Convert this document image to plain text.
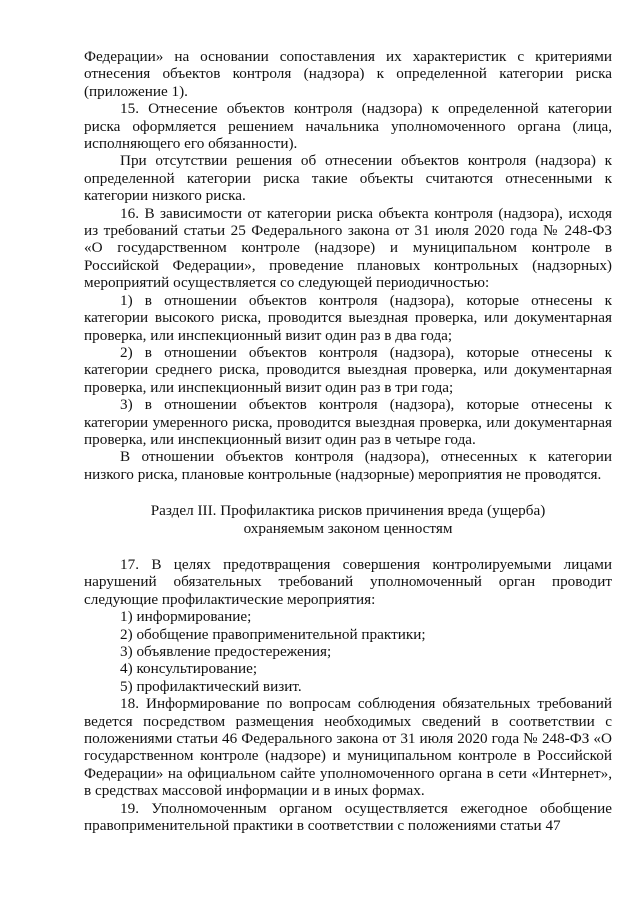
Федерации» на основании сопоставления их характеристик с критериями отнесения объектов контроля (надзора) к определенной категории риска (приложение 1).

15. Отнесение объектов контроля (надзора) к определенной категории риска оформляется решением начальника уполномоченного органа (лица, исполняющего его обязанности).

При отсутствии решения об отнесении объектов контроля (надзора) к определенной категории риска такие объекты считаются отнесенными к категории низкого риска.

16. В зависимости от категории риска объекта контроля (надзора), исходя из требований статьи 25 Федерального закона от 31 июля 2020 года № 248-ФЗ «О государственном контроле (надзоре) и муниципальном контроле в Российской Федерации», проведение плановых контрольных (надзорных) мероприятий осуществляется со следующей периодичностью:

1) в отношении объектов контроля (надзора), которые отнесены к категории высокого риска, проводится выездная проверка, или документарная проверка, или инспекционный визит один раз в два года;

2) в отношении объектов контроля (надзора), которые отнесены к категории среднего риска, проводится выездная проверка, или документарная проверка, или инспекционный визит один раз в три года;

3) в отношении объектов контроля (надзора), которые отнесены к категории умеренного риска, проводится выездная проверка, или документарная проверка, или инспекционный визит один раз в четыре года.

В отношении объектов контроля (надзора), отнесенных к категории низкого риска, плановые контрольные (надзорные) мероприятия не проводятся.

Раздел III. Профилактика рисков причинения вреда (ущерба)

охраняемым законом ценностям

17. В целях предотвращения совершения контролируемыми лицами нарушений обязательных требований уполномоченный орган проводит следующие профилактические мероприятия:

1) информирование;

2) обобщение правоприменительной практики;

3) объявление предостережения;

4) консультирование;

5) профилактический визит.

18. Информирование по вопросам соблюдения обязательных требований ведется посредством размещения необходимых сведений в соответствии с положениями статьи 46 Федерального закона от 31 июля 2020 года № 248-ФЗ «О государственном контроле (надзоре) и муниципальном контроле в Российской Федерации» на официальном сайте уполномоченного органа в сети «Интернет», в средствах массовой информации и в иных формах.

19. Уполномоченным органом осуществляется ежегодное обобщение правоприменительной практики в соответствии с положениями статьи 47
